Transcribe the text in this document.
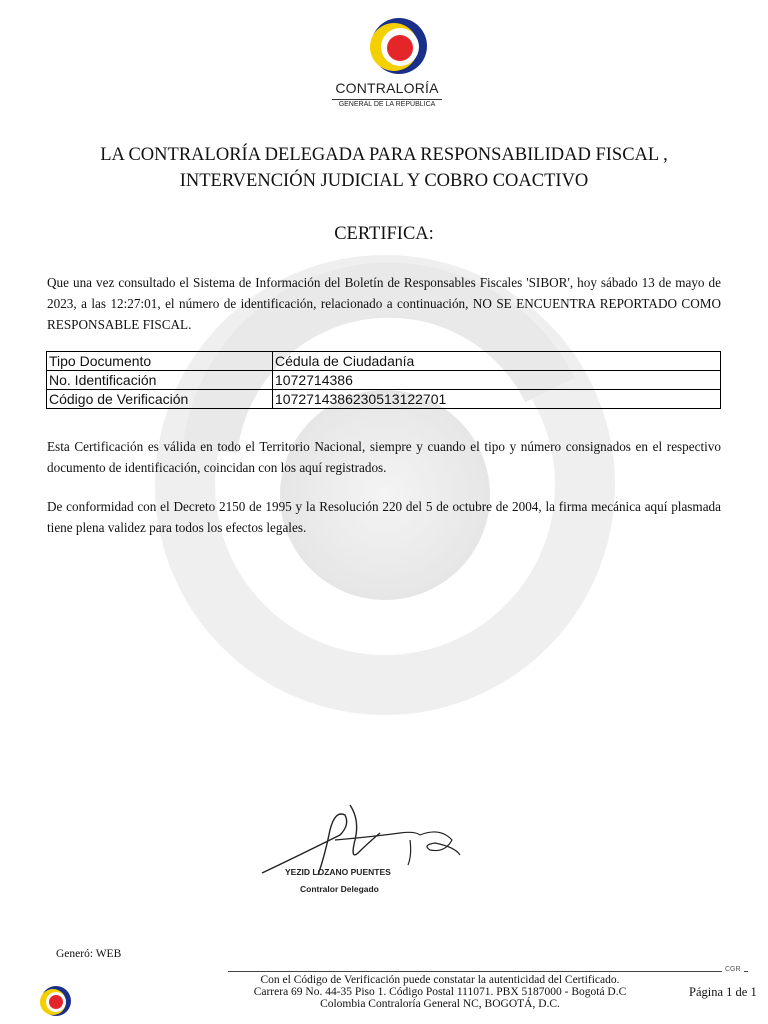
CONTRALORÍA
GENERAL DE LA REPÚBLICA
LA CONTRALORÍA DELEGADA PARA RESPONSABILIDAD FISCAL ,
INTERVENCIÓN JUDICIAL Y COBRO COACTIVO
CERTIFICA:
Que una vez consultado el Sistema de Información del Boletín de Responsables Fiscales 'SIBOR', hoy sábado 13 de mayo de 2023, a las 12:27:01, el número de identificación, relacionado a continuación, NO SE ENCUENTRA REPORTADO COMO RESPONSABLE FISCAL.
Tipo Documento	Cédula de Ciudadanía
No. Identificación	1072714386
Código de Verificación	1072714386230513122701
Esta Certificación es válida en todo el Territorio Nacional, siempre y cuando el tipo y número consignados en el respectivo documento de identificación, coincidan con los aquí registrados.
De conformidad con el Decreto 2150 de 1995 y la Resolución 220 del 5 de octubre de 2004, la firma mecánica aquí plasmada tiene plena validez para todos los efectos legales.
YEZID LOZANO PUENTES
Contralor Delegado
Generó: WEB
CGR
Con el Código de Verificación puede constatar la autenticidad del Certificado.
Carrera 69 No. 44-35 Piso 1. Código Postal 111071. PBX 5187000 - Bogotá D.C
Colombia Contraloría General NC, BOGOTÁ, D.C.
Página 1 de 1
